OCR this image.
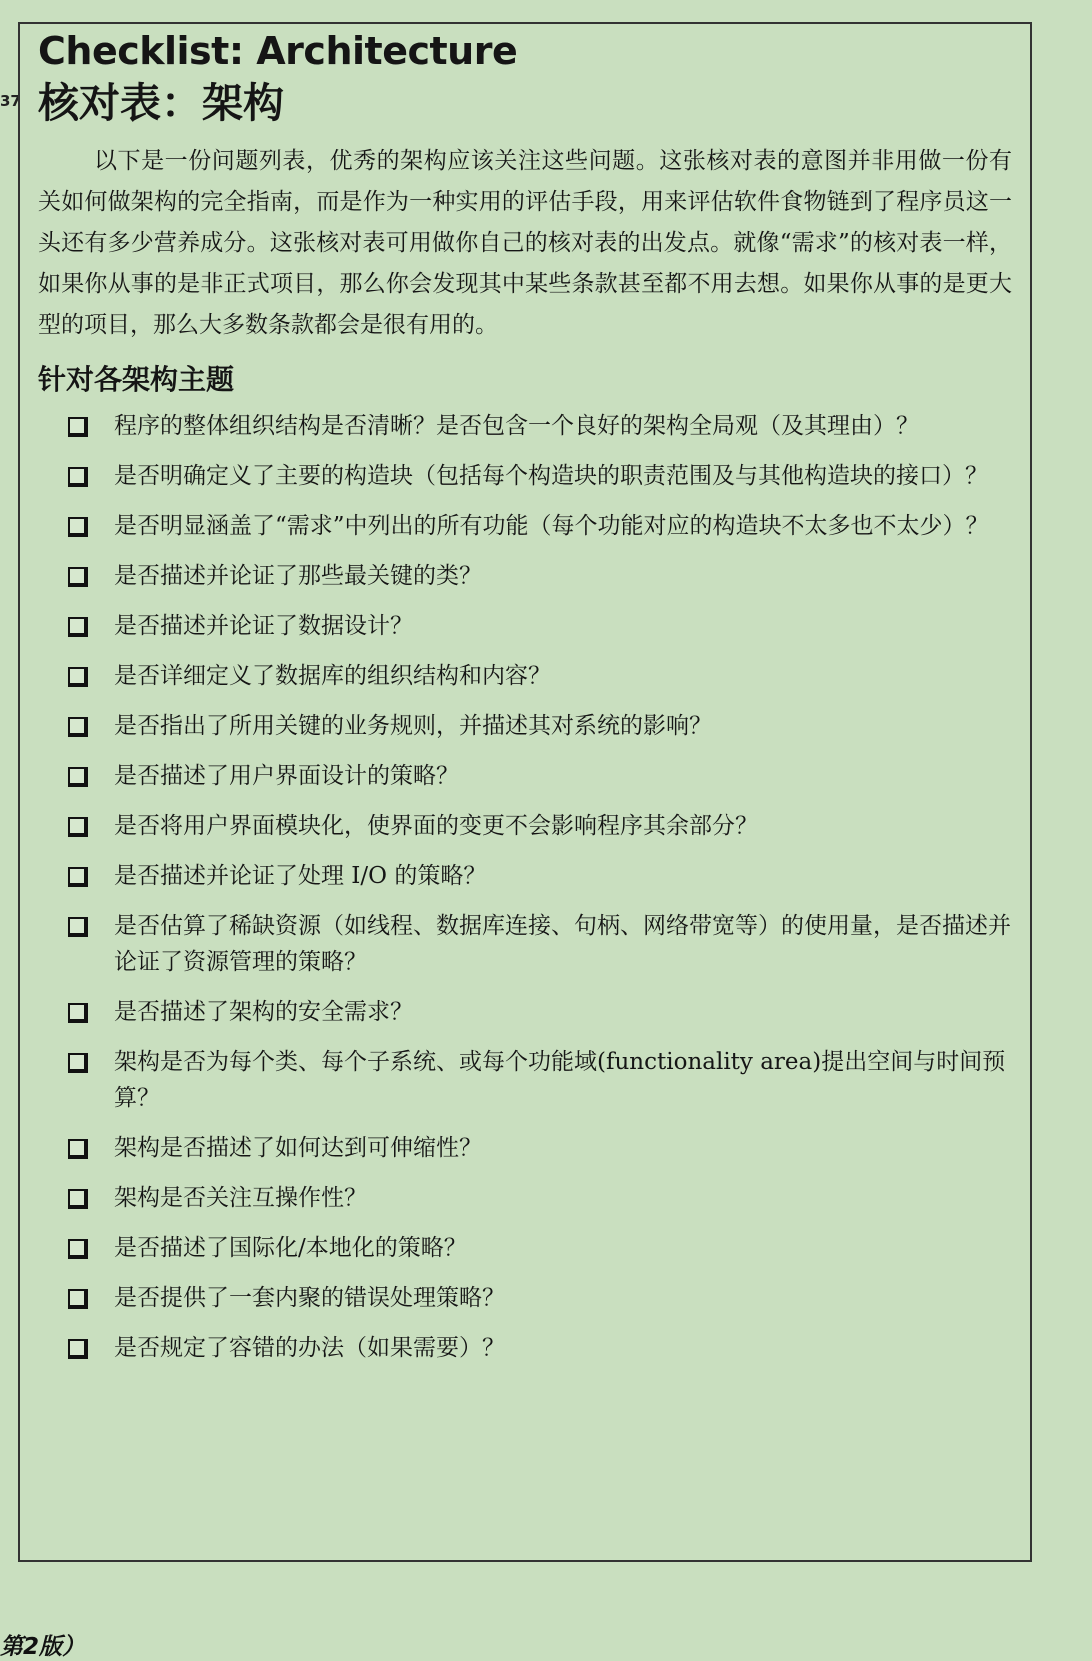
37
Checklist: Architecture
核对表：架构

以下是一份问题列表，优秀的架构应该关注这些问题。这张核对表的意图并非用做一份有关如何做架构的完全指南，而是作为一种实用的评估手段，用来评估软件食物链到了程序员这一头还有多少营养成分。这张核对表可用做你自己的核对表的出发点。就像“需求”的核对表一样，如果你从事的是非正式项目，那么你会发现其中某些条款甚至都不用去想。如果你从事的是更大型的项目，那么大多数条款都会是很有用的。

针对各架构主题
程序的整体组织结构是否清晰？是否包含一个良好的架构全局观（及其理由）？
是否明确定义了主要的构造块（包括每个构造块的职责范围及与其他构造块的接口）？
是否明显涵盖了“需求”中列出的所有功能（每个功能对应的构造块不太多也不太少）？
是否描述并论证了那些最关键的类？
是否描述并论证了数据设计？
是否详细定义了数据库的组织结构和内容？
是否指出了所用关键的业务规则，并描述其对系统的影响？
是否描述了用户界面设计的策略？
是否将用户界面模块化，使界面的变更不会影响程序其余部分？
是否描述并论证了处理 I/O 的策略？
是否估算了稀缺资源（如线程、数据库连接、句柄、网络带宽等）的使用量，是否描述并论证了资源管理的策略？
是否描述了架构的安全需求？
架构是否为每个类、每个子系统、或每个功能域(functionality area)提出空间与时间预算？
架构是否描述了如何达到可伸缩性？
架构是否关注互操作性？
是否描述了国际化/本地化的策略？
是否提供了一套内聚的错误处理策略？
是否规定了容错的办法（如果需要）？
第2版）
